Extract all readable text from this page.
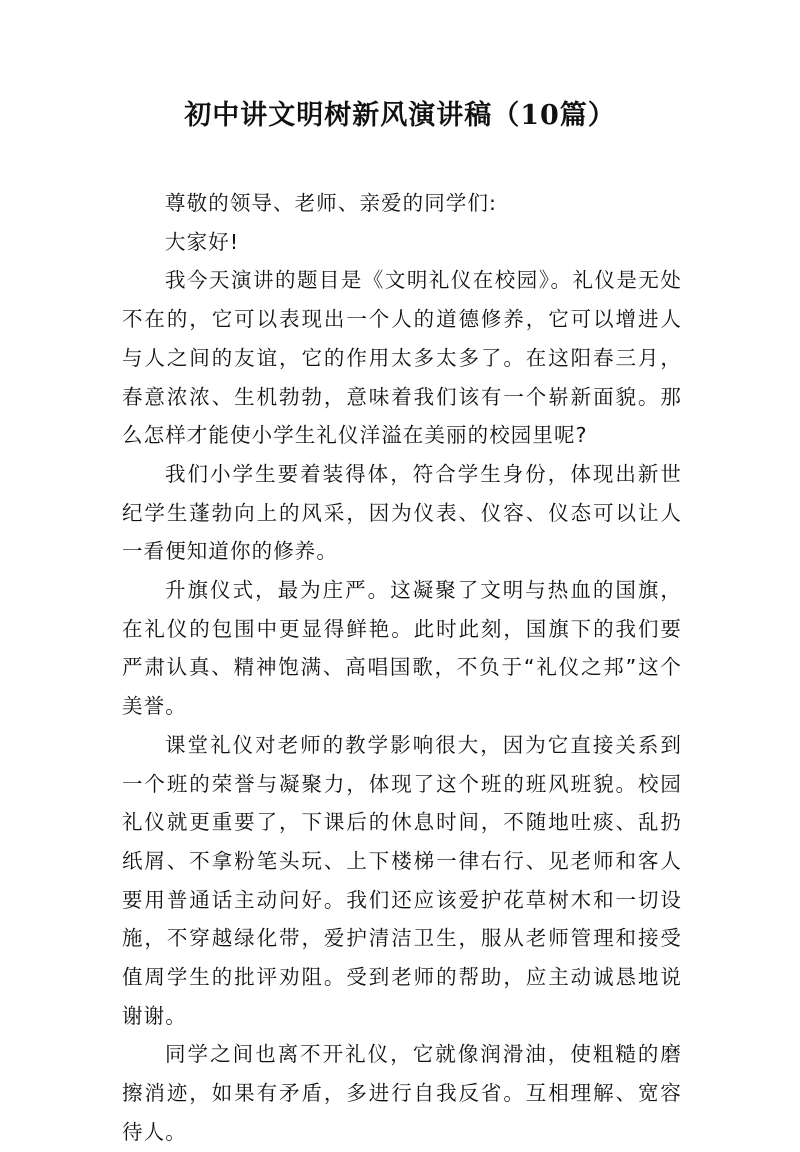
初中讲文明树新风演讲稿（10篇）

尊敬的领导、老师、亲爱的同学们:

大家好!

我今天演讲的题目是《文明礼仪在校园》。礼仪是无处不在的，它可以表现出一个人的道德修养，它可以增进人与人之间的友谊，它的作用太多太多了。在这阳春三月，春意浓浓、生机勃勃，意味着我们该有一个崭新面貌。那么怎样才能使小学生礼仪洋溢在美丽的校园里呢?

我们小学生要着装得体，符合学生身份，体现出新世纪学生蓬勃向上的风采，因为仪表、仪容、仪态可以让人一看便知道你的修养。

升旗仪式，最为庄严。这凝聚了文明与热血的国旗，在礼仪的包围中更显得鲜艳。此时此刻，国旗下的我们要严肃认真、精神饱满、高唱国歌，不负于“礼仪之邦”这个美誉。

课堂礼仪对老师的教学影响很大，因为它直接关系到一个班的荣誉与凝聚力，体现了这个班的班风班貌。校园礼仪就更重要了，下课后的休息时间，不随地吐痰、乱扔纸屑、不拿粉笔头玩、上下楼梯一律右行、见老师和客人要用普通话主动问好。我们还应该爱护花草树木和一切设施，不穿越绿化带，爱护清洁卫生，服从老师管理和接受值周学生的批评劝阻。受到老师的帮助，应主动诚恳地说谢谢。

同学之间也离不开礼仪，它就像润滑油，使粗糙的磨擦消迹，如果有矛盾，多进行自我反省。互相理解、宽容待人。
